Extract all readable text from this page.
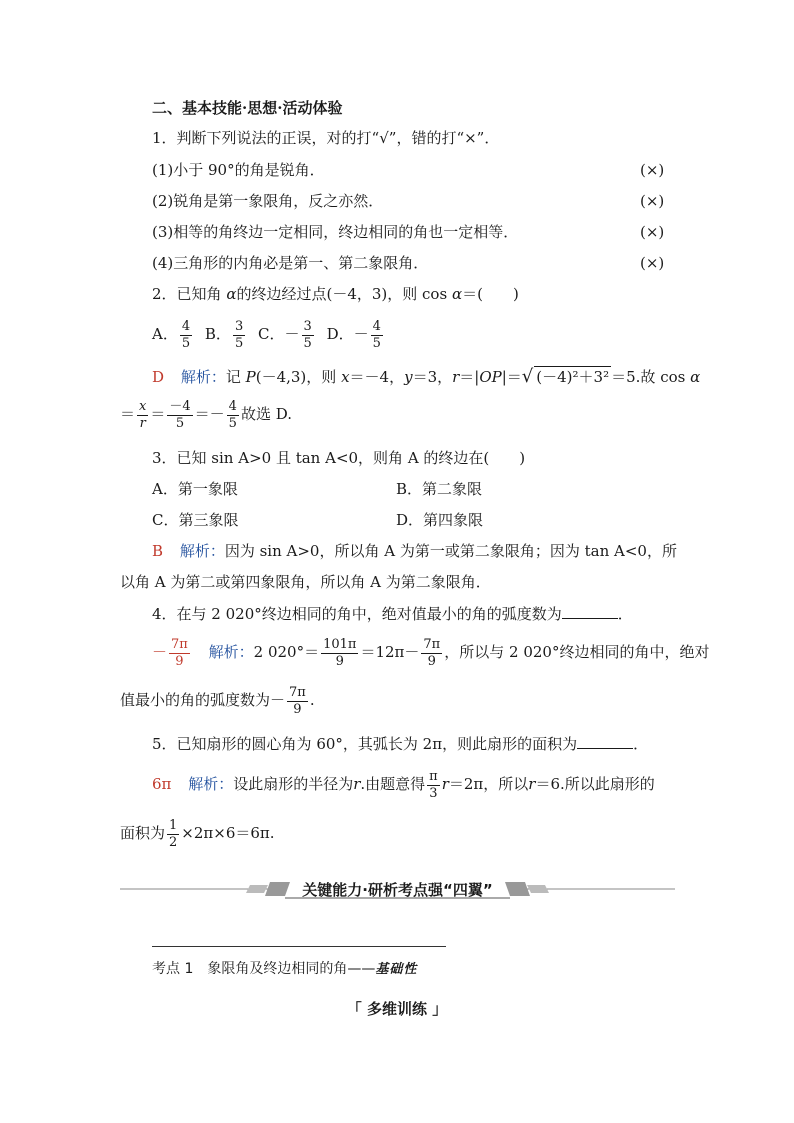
二、基本技能·思想·活动体验
1．判断下列说法的正误，对的打“√”，错的打“×”．
(1)小于 90°的角是锐角．	(×)
(2)锐角是第一象限角，反之亦然．	(×)
(3)相等的角终边一定相同，终边相同的角也一定相等．	(×)
(4)三角形的内角必是第一、第二象限角．	(×)
2．已知角 α的终边经过点(－4，3)，则 cos α＝(　　)
A． $\frac{4}{5}$ B． $\frac{3}{5}$ C．－ $\frac{3}{5}$ D．－ $\frac{4}{5}$
D 解析：记 P(－4,3)，则 x＝－4，y＝3，r＝|OP|＝√ (－4)²＋3² ＝5.故 cos α
＝ $\frac{x}{r} = \frac{-4}{5} =- \frac{4}{5}$ 故选 D.
3．已知 sin A>0 且 tan A<0，则角 A 的终边在(　　)
A．第一象限	B．第二象限
C．第三象限	D．第四象限
B 解析：因为 sin A>0，所以角 A 为第一或第二象限角；因为 tan A<0，所
以角 A 为第二或第四象限角，所以角 A 为第二象限角．
4．在与 2 020°终边相同的角中，绝对值最小的角的弧度数为	．
－ $\frac{7\pi}{9}$ 解析：2 $020^\circ= \frac{101\pi}{9} =12\pi- \frac{7\pi}{9}$ ，所以与 2 020°终边相同的角中，绝对
值最小的角的弧度数为－ $\frac{7\pi}{9}$ .
5．已知扇形的圆心角为 60°，其弧长为 2π，则此扇形的面积为	．
6π 解析：设此扇形的半径为r.由题意得 $\frac{\pi}{3} r=2\pi$，所以r＝6.所以此扇形的
面积为 $\frac{1}{2} \times 2\pi\times 6=6\pi$.
关键能力·研析考点强“四翼”
考点 1　象限角及终边相同的角——基础性
「 多维训练 」
